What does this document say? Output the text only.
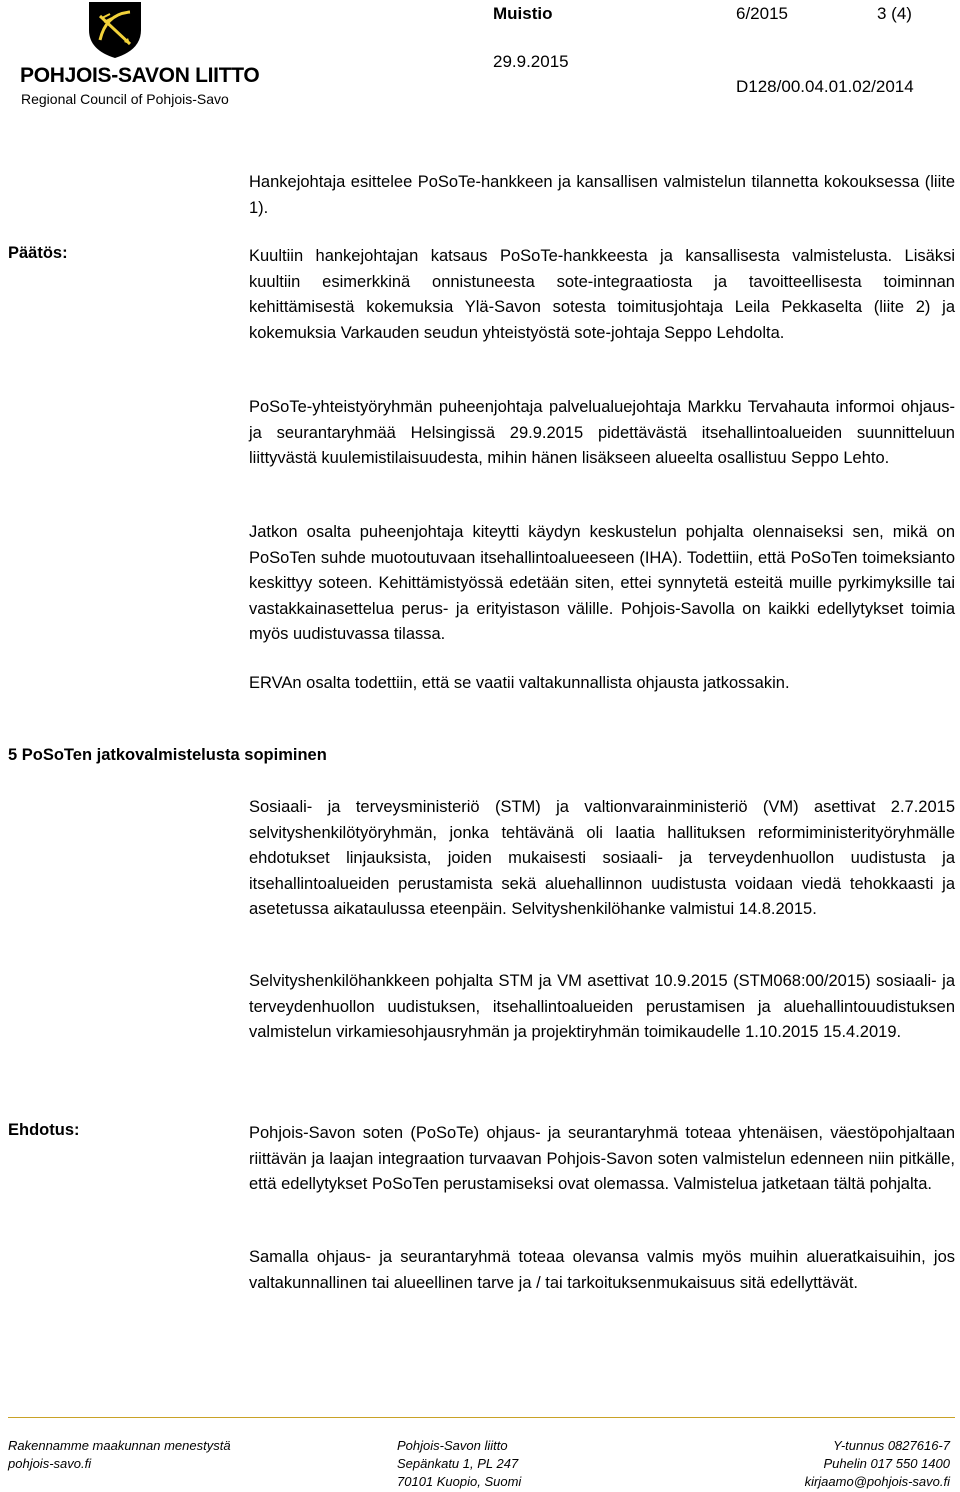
POHJOIS-SAVON LIITTO
Regional Council of Pohjois-Savo
Muistio	6/2015	3 (4)
29.9.2015
D128/00.04.01.02/2014
Hankejohtaja esittelee PoSoTe-hankkeen ja kansallisen valmistelun tilannetta kokouksessa (liite 1).
Päätös:	Kuultiin hankejohtajan katsaus PoSoTe-hankkeesta ja kansallisesta valmistelusta. Lisäksi kuultiin esimerkkinä onnistuneesta sote-integraatiosta ja tavoitteellisesta toiminnan kehittämisestä kokemuksia Ylä-Savon sotesta toimitusjohtaja Leila Pekkaselta (liite 2) ja kokemuksia Varkauden seudun yhteistyöstä sote-johtaja Seppo Lehdolta.
PoSoTe-yhteistyöryhmän puheenjohtaja palvelualuejohtaja Markku Tervahauta informoi ohjaus- ja seurantaryhmää Helsingissä 29.9.2015 pidettävästä itsehallintoalueiden suunnitteluun liittyvästä kuulemistilaisuudesta, mihin hänen lisäkseen alueelta osallistuu Seppo Lehto.
Jatkon osalta puheenjohtaja kiteytti käydyn keskustelun pohjalta olennaiseksi sen, mikä on PoSoTen suhde muotoutuvaan itsehallintoalueeseen (IHA). Todettiin, että PoSoTen toimeksianto keskittyy soteen. Kehittämistyössä edetään siten, ettei synnytetä esteitä muille pyrkimyksille tai vastakkainasettelua perus- ja erityistason välille. Pohjois-Savolla on kaikki edellytykset toimia myös uudistuvassa tilassa.
ERVAn osalta todettiin, että se vaatii valtakunnallista ohjausta jatkossakin.
5 PoSoTen jatkovalmistelusta sopiminen
Sosiaali- ja terveysministeriö (STM) ja valtionvarainministeriö (VM) asettivat 2.7.2015 selvityshenkilötyöryhmän, jonka tehtävänä oli laatia hallituksen reformiministerityöryhmälle ehdotukset linjauksista, joiden mukaisesti sosiaali- ja terveydenhuollon uudistusta ja itsehallintoalueiden perustamista sekä aluehallinnon uudistusta voidaan viedä tehokkaasti ja asetetussa aikataulussa eteenpäin. Selvityshenkilöhanke valmistui 14.8.2015.
Selvityshenkilöhankkeen pohjalta STM ja VM asettivat 10.9.2015 (STM068:00/2015) sosiaali- ja terveydenhuollon uudistuksen, itsehallintoalueiden perustamisen ja aluehallintouudistuksen valmistelun virkamiesohjausryhmän ja projektiryhmän toimikaudelle 1.10.2015 15.4.2019.
Ehdotus:	Pohjois-Savon soten (PoSoTe) ohjaus- ja seurantaryhmä toteaa yhtenäisen, väestöpohjaltaan riittävän ja laajan integraation turvaavan Pohjois-Savon soten valmistelun edenneen niin pitkälle, että edellytykset PoSoTen perustamiseksi ovat olemassa. Valmistelua jatketaan tältä pohjalta.
Samalla ohjaus- ja seurantaryhmä toteaa olevansa valmis myös muihin alueratkaisuihin, jos valtakunnallinen tai alueellinen tarve ja / tai tarkoituksenmukaisuus sitä edellyttävät.
Rakennamme maakunnan menestystä
pohjois-savo.fi
Pohjois-Savon liitto
Sepänkatu 1, PL 247
70101 Kuopio, Suomi
Y-tunnus 0827616-7
Puhelin 017 550 1400
kirjaamo@pohjois-savo.fi
